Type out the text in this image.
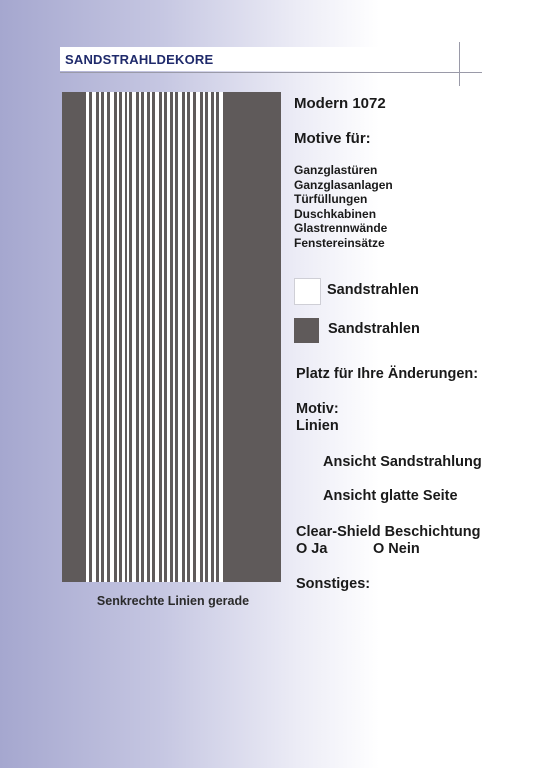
SANDSTRAHLDEKORE
Senkrechte Linien gerade
Modern 1072
Motive für:
Ganzglastüren
Ganzglasanlagen
Türfüllungen
Duschkabinen
Glastrennwände
Fenstereinsätze
Sandstrahlen
Sandstrahlen
Platz für Ihre Änderungen:
Motiv:
Linien
Ansicht Sandstrahlung
Ansicht glatte Seite
Clear-Shield Beschichtung
O Ja	O Nein
Sonstiges:
